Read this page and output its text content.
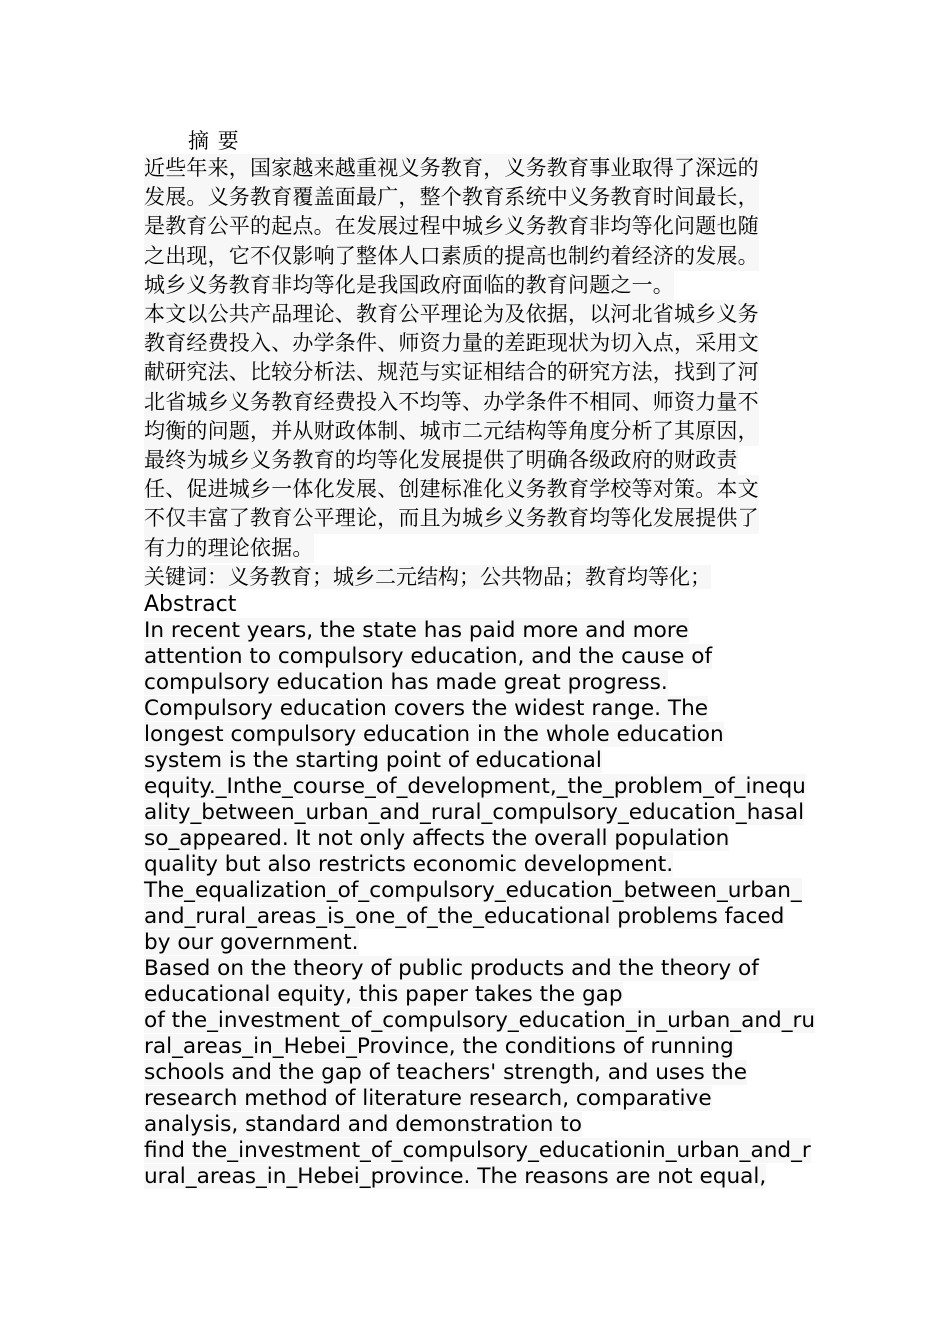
摘 要

近些年来，国家越来越重视义务教育，义务教育事业取得了深远的
发展。义务教育覆盖面最广，整个教育系统中义务教育时间最长，
是教育公平的起点。在发展过程中城乡义务教育非均等化问题也随
之出现，它不仅影响了整体人口素质的提高也制约着经济的发展。
城乡义务教育非均等化是我国政府面临的教育问题之一。
本文以公共产品理论、教育公平理论为及依据，以河北省城乡义务
教育经费投入、办学条件、师资力量的差距现状为切入点，采用文
献研究法、比较分析法、规范与实证相结合的研究方法，找到了河
北省城乡义务教育经费投入不均等、办学条件不相同、师资力量不
均衡的问题，并从财政体制、城市二元结构等角度分析了其原因，
最终为城乡义务教育的均等化发展提供了明确各级政府的财政责
任、促进城乡一体化发展、创建标准化义务教育学校等对策。本文
不仅丰富了教育公平理论，而且为城乡义务教育均等化发展提供了
有力的理论依据。

关键词：义务教育；城乡二元结构；公共物品；教育均等化；

Abstract

In recent years, the state has paid more and more
attention to compulsory education, and the cause of
compulsory education has made great progress.
Compulsory education covers the widest range. The
longest compulsory education in the whole education
system is the starting point of educational
equity._Inthe_course_of_development,_the_problem_of_inequ
ality_between_urban_and_rural_compulsory_education_hasal
so_appeared. It not only affects the overall population
quality but also restricts economic development.
The_equalization_of_compulsory_education_between_urban_
and_rural_areas_is_one_of_the_educational problems faced
by our government.
Based on the theory of public products and the theory of
educational equity, this paper takes the gap
of the_investment_of_compulsory_education_in_urban_and_ru
ral_areas_in_Hebei_Province, the conditions of running
schools and the gap of teachers' strength, and uses the
research method of literature research, comparative
analysis, standard and demonstration to
find the_investment_of_compulsory_educationin_urban_and_r
ural_areas_in_Hebei_province. The reasons are not equal,
